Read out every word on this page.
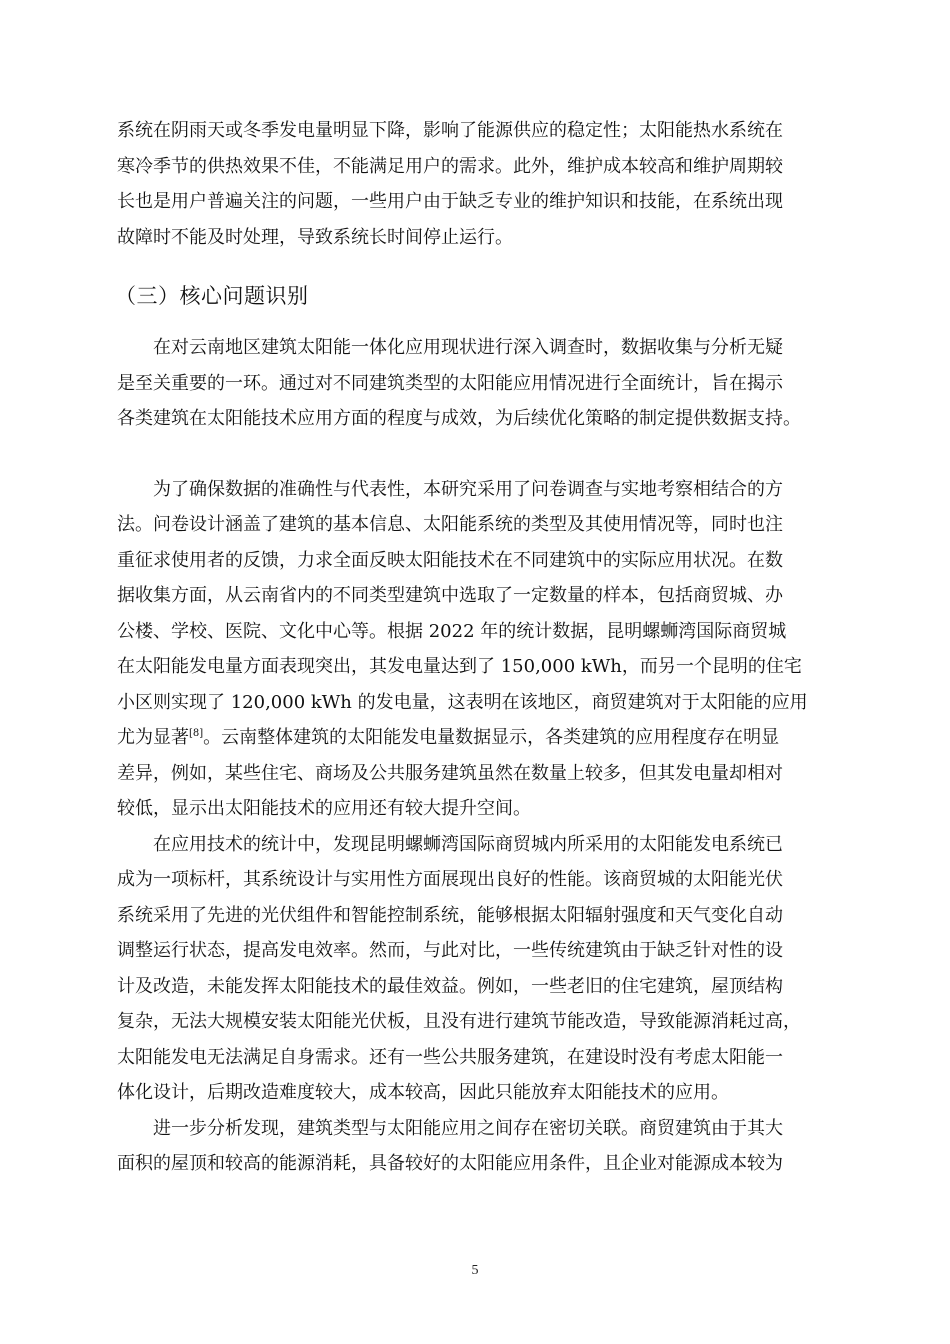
系统在阴雨天或冬季发电量明显下降，影响了能源供应的稳定性；太阳能热水系统在
寒冷季节的供热效果不佳，不能满足用户的需求。此外，维护成本较高和维护周期较
长也是用户普遍关注的问题，一些用户由于缺乏专业的维护知识和技能，在系统出现
故障时不能及时处理，导致系统长时间停止运行。

（三）核心问题识别

在对云南地区建筑太阳能一体化应用现状进行深入调查时，数据收集与分析无疑
是至关重要的一环。通过对不同建筑类型的太阳能应用情况进行全面统计，旨在揭示
各类建筑在太阳能技术应用方面的程度与成效，为后续优化策略的制定提供数据支持。

为了确保数据的准确性与代表性，本研究采用了问卷调查与实地考察相结合的方
法。问卷设计涵盖了建筑的基本信息、太阳能系统的类型及其使用情况等，同时也注
重征求使用者的反馈，力求全面反映太阳能技术在不同建筑中的实际应用状况。在数
据收集方面，从云南省内的不同类型建筑中选取了一定数量的样本，包括商贸城、办
公楼、学校、医院、文化中心等。根据 2022 年的统计数据，昆明螺蛳湾国际商贸城
在太阳能发电量方面表现突出，其发电量达到了 150,000 kWh，而另一个昆明的住宅
小区则实现了 120,000 kWh 的发电量，这表明在该地区，商贸建筑对于太阳能的应用
尤为显著[8]。云南整体建筑的太阳能发电量数据显示，各类建筑的应用程度存在明显
差异，例如，某些住宅、商场及公共服务建筑虽然在数量上较多，但其发电量却相对
较低，显示出太阳能技术的应用还有较大提升空间。

在应用技术的统计中，发现昆明螺蛳湾国际商贸城内所采用的太阳能发电系统已
成为一项标杆，其系统设计与实用性方面展现出良好的性能。该商贸城的太阳能光伏
系统采用了先进的光伏组件和智能控制系统，能够根据太阳辐射强度和天气变化自动
调整运行状态，提高发电效率。然而，与此对比，一些传统建筑由于缺乏针对性的设
计及改造，未能发挥太阳能技术的最佳效益。例如，一些老旧的住宅建筑，屋顶结构
复杂，无法大规模安装太阳能光伏板，且没有进行建筑节能改造，导致能源消耗过高，
太阳能发电无法满足自身需求。还有一些公共服务建筑，在建设时没有考虑太阳能一
体化设计，后期改造难度较大，成本较高，因此只能放弃太阳能技术的应用。

进一步分析发现，建筑类型与太阳能应用之间存在密切关联。商贸建筑由于其大
面积的屋顶和较高的能源消耗，具备较好的太阳能应用条件，且企业对能源成本较为

5
